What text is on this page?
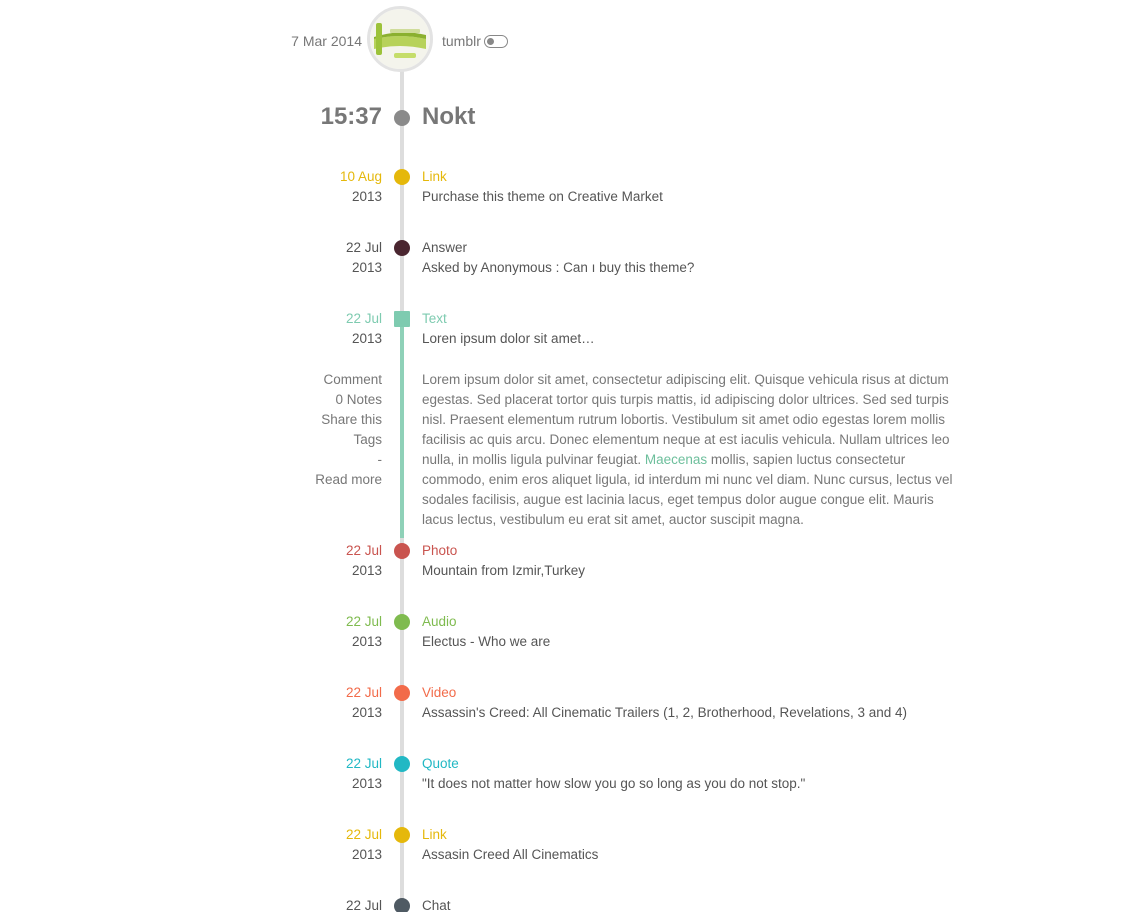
7 Mar 2014	tumblr
15:37 Nokt
10 Aug
2013
Link
Purchase this theme on Creative Market
22 Jul
2013
Answer
Asked by Anonymous : Can ı buy this theme?
22 Jul
2013
Text
Loren ipsum dolor sit amet…
Comment
0 Notes
Share this
Tags
-
Read more
Lorem ipsum dolor sit amet, consectetur adipiscing elit. Quisque vehicula risus at dictum egestas. Sed placerat tortor quis turpis mattis, id adipiscing dolor ultrices. Sed sed turpis nisl. Praesent elementum rutrum lobortis. Vestibulum sit amet odio egestas lorem mollis facilisis ac quis arcu. Donec elementum neque at est iaculis vehicula. Nullam ultrices leo nulla, in mollis ligula pulvinar feugiat. Maecenas mollis, sapien luctus consectetur commodo, enim eros aliquet ligula, id interdum mi nunc vel diam. Nunc cursus, lectus vel sodales facilisis, augue est lacinia lacus, eget tempus dolor augue congue elit. Mauris lacus lectus, vestibulum eu erat sit amet, auctor suscipit magna.
22 Jul
2013
Photo
Mountain from Izmir,Turkey
22 Jul
2013
Audio
Electus - Who we are
22 Jul
2013
Video
Assassin's Creed: All Cinematic Trailers (1, 2, Brotherhood, Revelations, 3 and 4)
22 Jul
2013
Quote
"It does not matter how slow you go so long as you do not stop."
22 Jul
2013
Link
Assasin Creed All Cinematics
22 Jul	Chat
